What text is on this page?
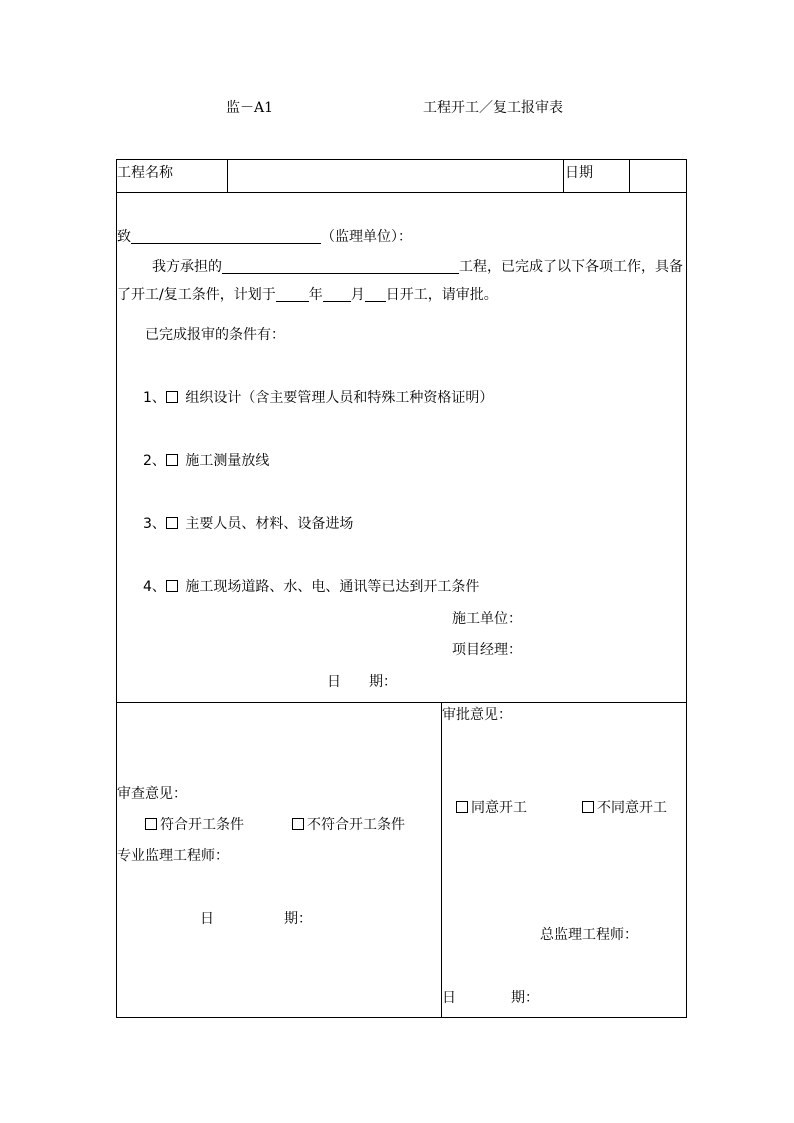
监－A1	工程开工／复工报审表
工程名称	日期
致	（监理单位）：
我方承担的	工程，已完成了以下各项工作，具备
了开工/复工条件，计划于 年 月 日开工，请审批。
已完成报审的条件有：
1、 组织设计（含主要管理人员和特殊工种资格证明）
2、 施工测量放线
3、 主要人员、材料、设备进场
4、 施工现场道路、水、电、通讯等已达到开工条件
施工单位：
项目经理：
日　　期：
审查意见：
符合开工条件	不符合开工条件
专业监理工程师：
日	期：
审批意见：
同意开工	不同意开工
总监理工程师：
日	期：
